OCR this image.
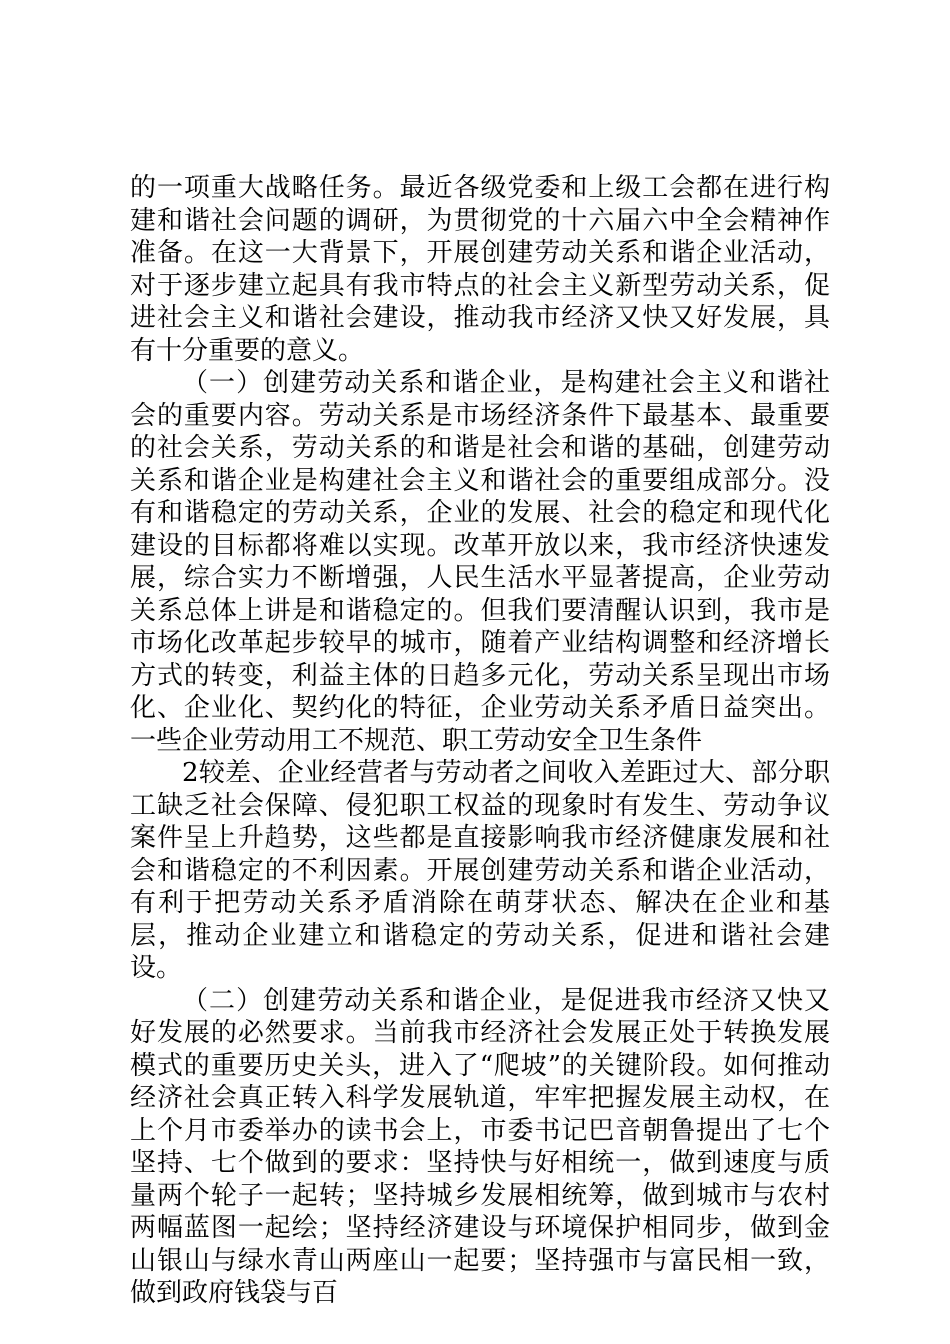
的一项重大战略任务。最近各级党委和上级工会都在进行构建和谐社会问题的调研，为贯彻党的十六届六中全会精神作准备。在这一大背景下，开展创建劳动关系和谐企业活动，对于逐步建立起具有我市特点的社会主义新型劳动关系，促进社会主义和谐社会建设，推动我市经济又快又好发展，具有十分重要的意义。

（一）创建劳动关系和谐企业，是构建社会主义和谐社会的重要内容。劳动关系是市场经济条件下最基本、最重要的社会关系，劳动关系的和谐是社会和谐的基础，创建劳动关系和谐企业是构建社会主义和谐社会的重要组成部分。没有和谐稳定的劳动关系，企业的发展、社会的稳定和现代化建设的目标都将难以实现。改革开放以来，我市经济快速发展，综合实力不断增强，人民生活水平显著提高，企业劳动关系总体上讲是和谐稳定的。但我们要清醒认识到，我市是市场化改革起步较早的城市，随着产业结构调整和经济增长方式的转变，利益主体的日趋多元化，劳动关系呈现出市场化、企业化、契约化的特征，企业劳动关系矛盾日益突出。一些企业劳动用工不规范、职工劳动安全卫生条件

2较差、企业经营者与劳动者之间收入差距过大、部分职工缺乏社会保障、侵犯职工权益的现象时有发生、劳动争议案件呈上升趋势，这些都是直接影响我市经济健康发展和社会和谐稳定的不利因素。开展创建劳动关系和谐企业活动，有利于把劳动关系矛盾消除在萌芽状态、解决在企业和基层，推动企业建立和谐稳定的劳动关系，促进和谐社会建设。

（二）创建劳动关系和谐企业，是促进我市经济又快又好发展的必然要求。当前我市经济社会发展正处于转换发展模式的重要历史关头，进入了“爬坡”的关键阶段。如何推动经济社会真正转入科学发展轨道，牢牢把握发展主动权，在上个月市委举办的读书会上，市委书记巴音朝鲁提出了七个坚持、七个做到的要求：坚持快与好相统一，做到速度与质量两个轮子一起转；坚持城乡发展相统筹，做到城市与农村两幅蓝图一起绘；坚持经济建设与环境保护相同步，做到金山银山与绿水青山两座山一起要；坚持强市与富民相一致，做到政府钱袋与百
